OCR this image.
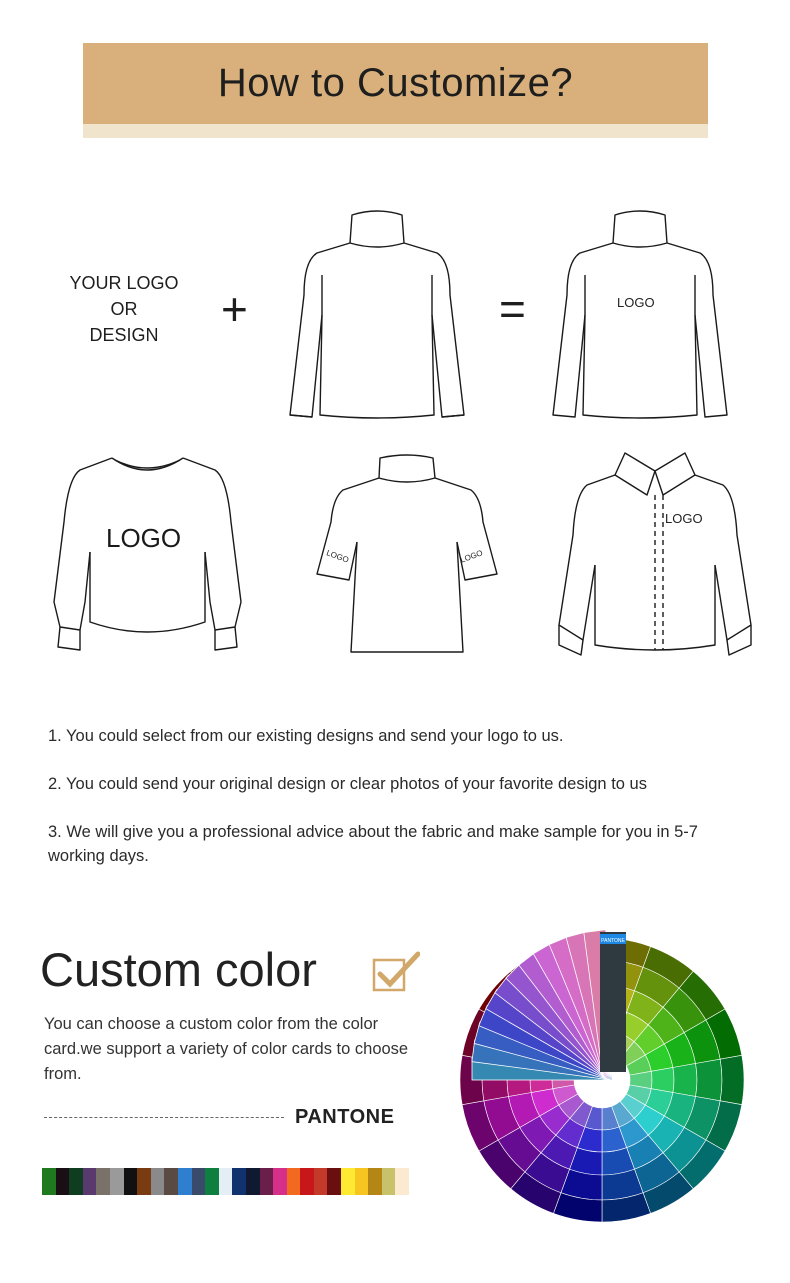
How to Customize?
YOUR LOGO
OR
DESIGN	+	=	LOGO
LOGO
LOGO	LOGO
LOGO
1. You could select from our existing designs and send your logo to us.
2. You could send your original design or clear photos of your favorite design to us
3. We will give you a professional advice about the fabric and make sample for you in 5-7 working days.
Custom color
You can choose a custom color from the color card.we support a variety of color cards to choose from.
PANTONE
PANTONE
